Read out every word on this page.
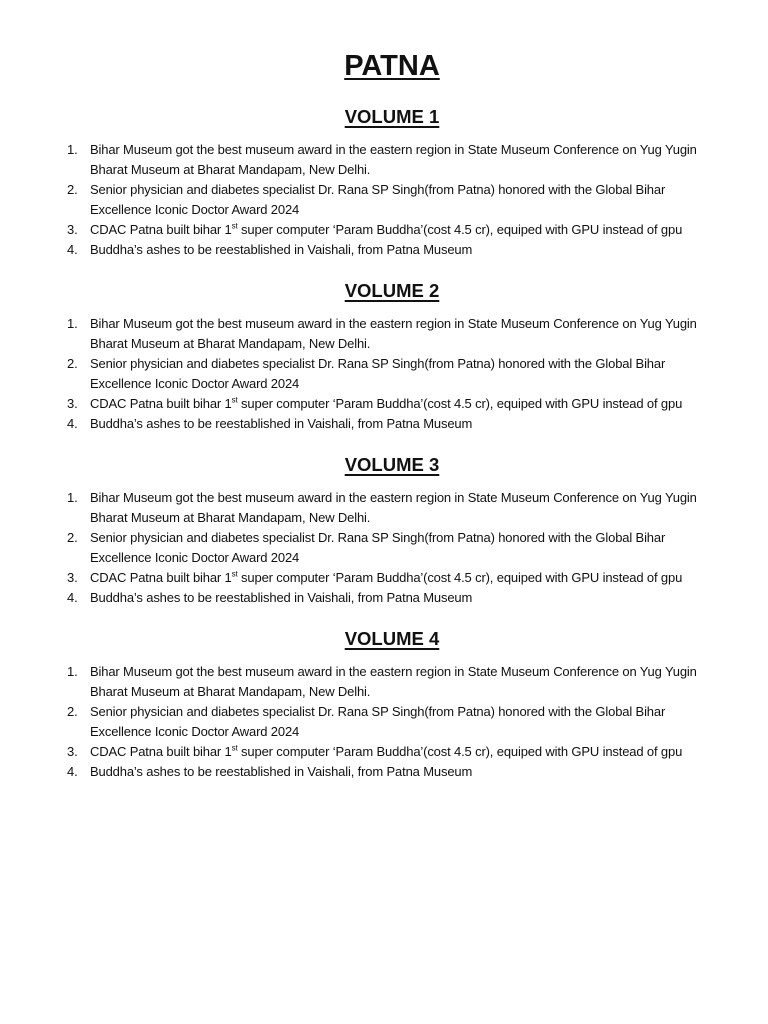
PATNA
VOLUME 1
1. Bihar Museum got the best museum award in the eastern region in State Museum Conference on Yug Yugin Bharat Museum at Bharat Mandapam, New Delhi.
2. Senior physician and diabetes specialist Dr. Rana SP Singh(from Patna) honored with the Global Bihar Excellence Iconic Doctor Award 2024
3. CDAC Patna built bihar 1st super computer ‘Param Buddha’(cost 4.5 cr), equiped with GPU instead of gpu
4. Buddha’s ashes to be reestablished in Vaishali, from Patna Museum
VOLUME 2
1. Bihar Museum got the best museum award in the eastern region in State Museum Conference on Yug Yugin Bharat Museum at Bharat Mandapam, New Delhi.
2. Senior physician and diabetes specialist Dr. Rana SP Singh(from Patna) honored with the Global Bihar Excellence Iconic Doctor Award 2024
3. CDAC Patna built bihar 1st super computer ‘Param Buddha’(cost 4.5 cr), equiped with GPU instead of gpu
4. Buddha’s ashes to be reestablished in Vaishali, from Patna Museum
VOLUME 3
1. Bihar Museum got the best museum award in the eastern region in State Museum Conference on Yug Yugin Bharat Museum at Bharat Mandapam, New Delhi.
2. Senior physician and diabetes specialist Dr. Rana SP Singh(from Patna) honored with the Global Bihar Excellence Iconic Doctor Award 2024
3. CDAC Patna built bihar 1st super computer ‘Param Buddha’(cost 4.5 cr), equiped with GPU instead of gpu
4. Buddha’s ashes to be reestablished in Vaishali, from Patna Museum
VOLUME 4
1. Bihar Museum got the best museum award in the eastern region in State Museum Conference on Yug Yugin Bharat Museum at Bharat Mandapam, New Delhi.
2. Senior physician and diabetes specialist Dr. Rana SP Singh(from Patna) honored with the Global Bihar Excellence Iconic Doctor Award 2024
3. CDAC Patna built bihar 1st super computer ‘Param Buddha’(cost 4.5 cr), equiped with GPU instead of gpu
4. Buddha’s ashes to be reestablished in Vaishali, from Patna Museum
